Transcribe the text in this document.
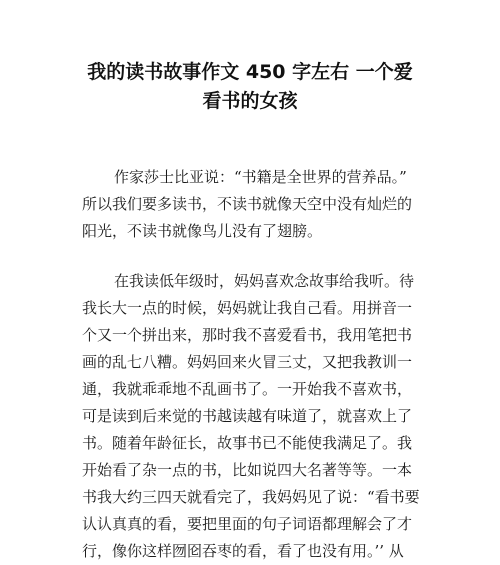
我的读书故事作文 450 字左右 一个爱
看书的女孩
作家莎士比亚说：“书籍是全世界的营养品。”
所以我们要多读书，不读书就像天空中没有灿烂的
阳光，不读书就像鸟儿没有了翅膀。
在我读低年级时，妈妈喜欢念故事给我听。待
我长大一点的时候，妈妈就让我自己看。用拼音一
个又一个拼出来，那时我不喜爱看书，我用笔把书
画的乱七八糟。妈妈回来火冒三丈，又把我教训一
通，我就乖乖地不乱画书了。一开始我不喜欢书，
可是读到后来觉的书越读越有味道了，就喜欢上了
书。随着年龄征长，故事书已不能使我满足了。我
开始看了杂一点的书，比如说四大名著等等。一本
书我大约三四天就看完了，我妈妈见了说：“看书要
认认真真的看，要把里面的句子词语都理解会了才
行，像你这样囫囵吞枣的看，看了也没有用。’’ 从
